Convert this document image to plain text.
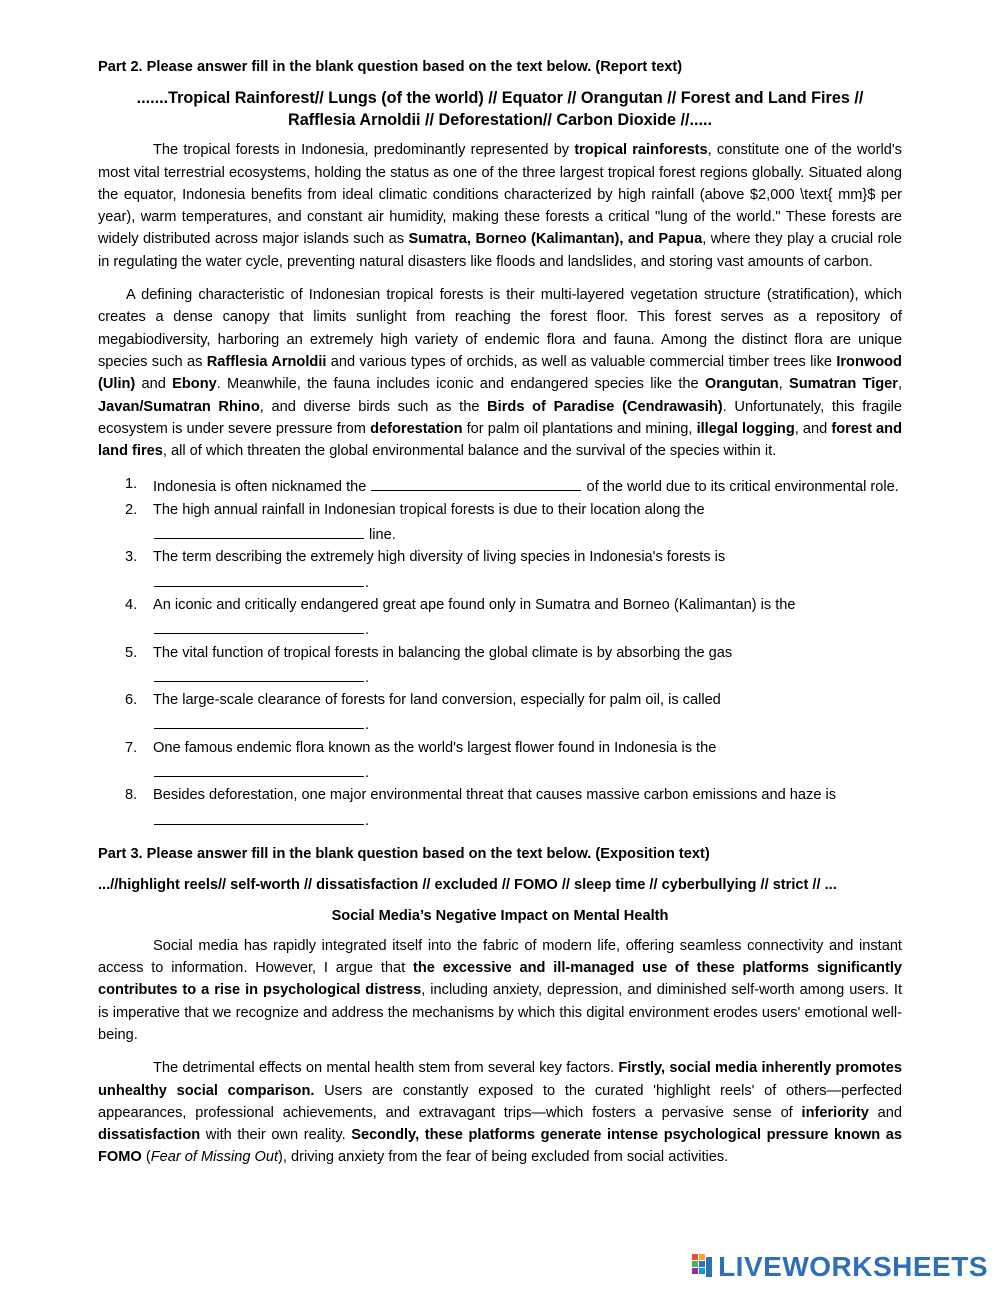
Part 2. Please answer fill in the blank question based on the text below. (Report text)
.......Tropical Rainforest// Lungs (of the world) // Equator // Orangutan // Forest and Land Fires //
Rafflesia Arnoldii // Deforestation// Carbon Dioxide //.....

The tropical forests in Indonesia, predominantly represented by tropical rainforests, constitute one of the world's most vital terrestrial ecosystems, holding the status as one of the three largest tropical forest regions globally. Situated along the equator, Indonesia benefits from ideal climatic conditions characterized by high rainfall (above $2,000 \text{ mm}$ per year), warm temperatures, and constant air humidity, making these forests a critical "lung of the world." These forests are widely distributed across major islands such as Sumatra, Borneo (Kalimantan), and Papua, where they play a crucial role in regulating the water cycle, preventing natural disasters like floods and landslides, and storing vast amounts of carbon.

A defining characteristic of Indonesian tropical forests is their multi-layered vegetation structure (stratification), which creates a dense canopy that limits sunlight from reaching the forest floor. This forest serves as a repository of megabiodiversity, harboring an extremely high variety of endemic flora and fauna. Among the distinct flora are unique species such as Rafflesia Arnoldii and various types of orchids, as well as valuable commercial timber trees like Ironwood (Ulin) and Ebony. Meanwhile, the fauna includes iconic and endangered species like the Orangutan, Sumatran Tiger, Javan/Sumatran Rhino, and diverse birds such as the Birds of Paradise (Cendrawasih). Unfortunately, this fragile ecosystem is under severe pressure from deforestation for palm oil plantations and mining, illegal logging, and forest and land fires, all of which threaten the global environmental balance and the survival of the species within it.

1. Indonesia is often nicknamed the	of the world due to its critical environmental role.
2. The high annual rainfall in Indonesian tropical forests is due to their location along the
line.
3. The term describing the extremely high diversity of living species in Indonesia's forests is
.
4. An iconic and critically endangered great ape found only in Sumatra and Borneo (Kalimantan) is the
.
5. The vital function of tropical forests in balancing the global climate is by absorbing the gas
.
6. The large-scale clearance of forests for land conversion, especially for palm oil, is called
.
7. One famous endemic flora known as the world's largest flower found in Indonesia is the
.
8. Besides deforestation, one major environmental threat that causes massive carbon emissions and haze is
.
Part 3. Please answer fill in the blank question based on the text below. (Exposition text)
...//highlight reels// self-worth // dissatisfaction // excluded // FOMO // sleep time // cyberbullying // strict // ...
Social Media’s Negative Impact on Mental Health

Social media has rapidly integrated itself into the fabric of modern life, offering seamless connectivity and instant access to information. However, I argue that the excessive and ill-managed use of these platforms significantly contributes to a rise in psychological distress, including anxiety, depression, and diminished self-worth among users. It is imperative that we recognize and address the mechanisms by which this digital environment erodes users' emotional well-being.

The detrimental effects on mental health stem from several key factors. Firstly, social media inherently promotes unhealthy social comparison. Users are constantly exposed to the curated 'highlight reels' of others—perfected appearances, professional achievements, and extravagant trips—which fosters a pervasive sense of inferiority and dissatisfaction with their own reality. Secondly, these platforms generate intense psychological pressure known as FOMO (Fear of Missing Out), driving anxiety from the fear of being excluded from social activities.

LIVEWORKSHEETS
